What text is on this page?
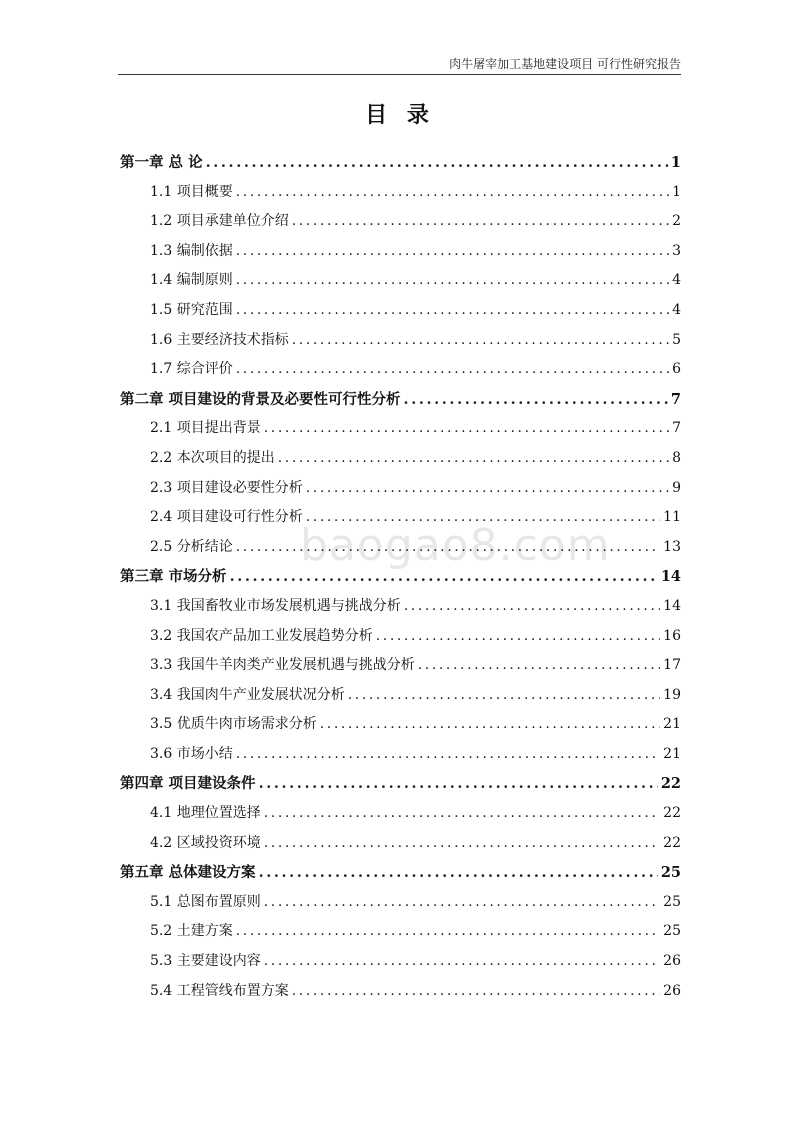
肉牛屠宰加工基地建设项目 可行性研究报告
目 录
baogao8.com
第一章 总 论 .....	1
1.1 项目概要 .....	1
1.2 项目承建单位介绍 .....	2
1.3 编制依据 .....	3
1.4 编制原则 .....	4
1.5 研究范围 .....	4
1.6 主要经济技术指标 .....	5
1.7 综合评价 .....	6
第二章 项目建设的背景及必要性可行性分析 .....	7
2.1 项目提出背景 .....	7
2.2 本次项目的提出 .....	8
2.3 项目建设必要性分析 .....	9
2.4 项目建设可行性分析 .....	11
2.5 分析结论 .....	13
第三章 市场分析 .....	14
3.1 我国畜牧业市场发展机遇与挑战分析 .....	14
3.2 我国农产品加工业发展趋势分析 .....	16
3.3 我国牛羊肉类产业发展机遇与挑战分析 .....	17
3.4 我国肉牛产业发展状况分析 .....	19
3.5 优质牛肉市场需求分析 .....	21
3.6 市场小结 .....	21
第四章 项目建设条件 .....	22
4.1 地理位置选择 .....	22
4.2 区域投资环境 .....	22
第五章 总体建设方案 .....	25
5.1 总图布置原则 .....	25
5.2 土建方案 .....	25
5.3 主要建设内容 .....	26
5.4 工程管线布置方案 .....	26
